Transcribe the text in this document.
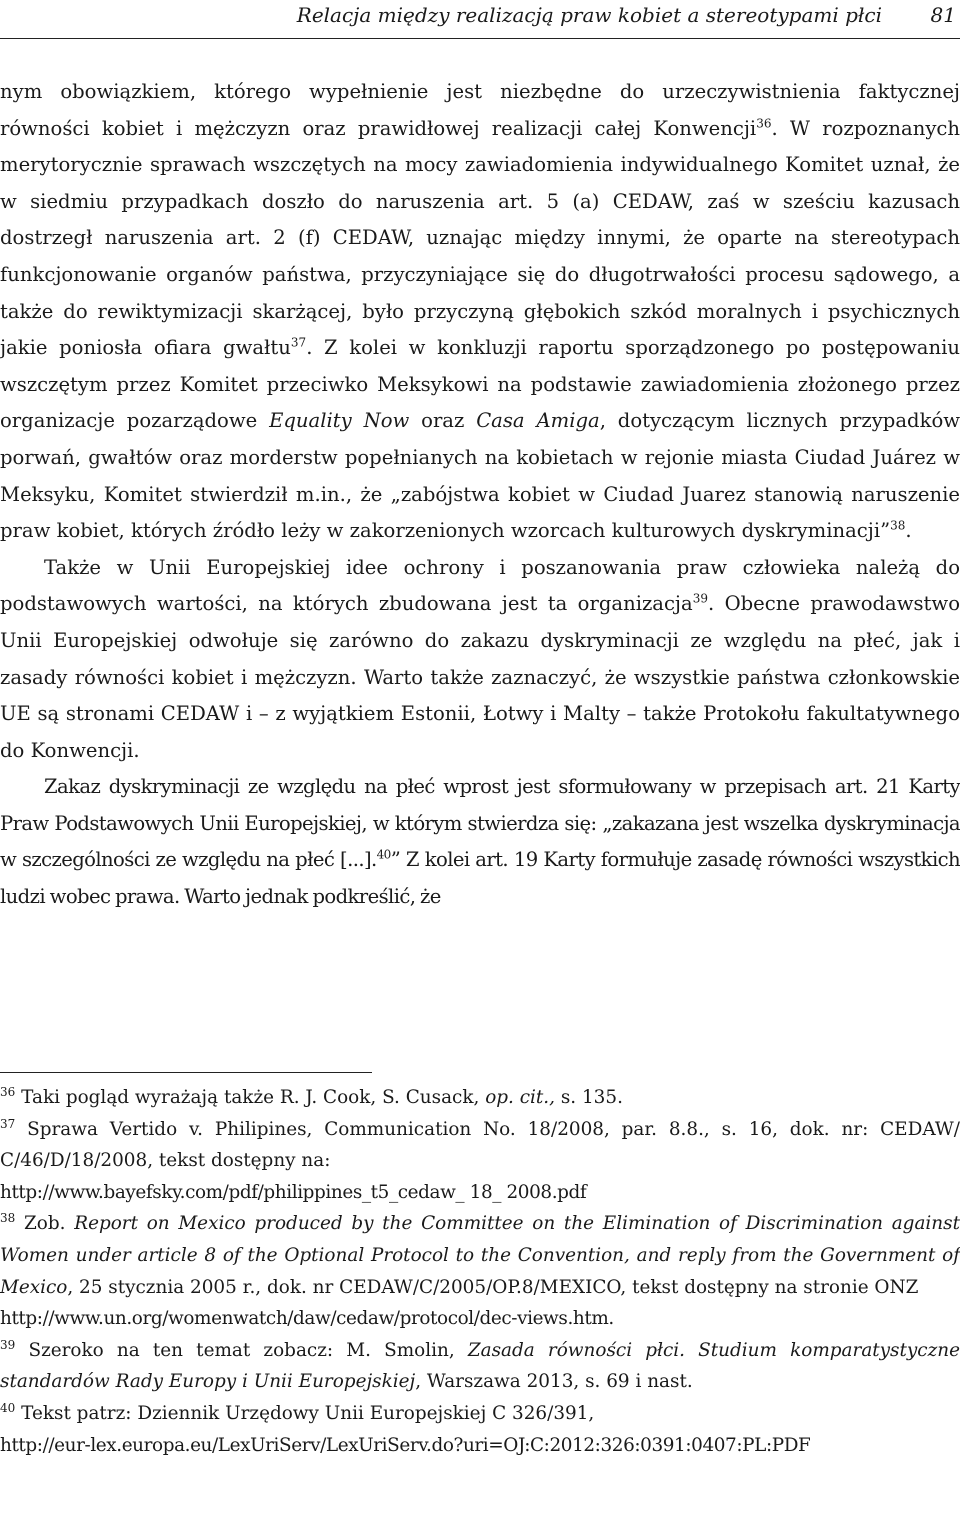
Relacja między realizacją praw kobiet a stereotypami płci 81

nym obowiązkiem, którego wypełnienie jest niezbędne do urzeczywistnienia faktycznej równości kobiet i mężczyzn oraz prawidłowej realizacji całej Konwencji$^{36}$. W rozpoznanych merytorycznie sprawach wszczętych na mocy zawiadomienia indywidualnego Komitet uznał, że w siedmiu przypadkach doszło do naruszenia art. 5 (a) CEDAW, zaś w sześciu kazusach dostrzegł naruszenia art. 2 (f) CEDAW, uznając między innymi, że oparte na stereotypach funkcjonowanie organów państwa, przyczyniające się do długotrwałości procesu sądowego, a także do rewiktymizacji skarżącej, było przyczyną głębokich szkód moralnych i psychicznych jakie poniosła ofiara gwałtu$^{37}$. Z kolei w konkluzji raportu sporządzonego po postępowaniu wszczętym przez Komitet przeciwko Meksykowi na podstawie zawiadomienia złożonego przez organizacje pozarządowe Equality Now oraz Casa Amiga, dotyczącym licznych przypadków porwań, gwałtów oraz morderstw popełnianych na kobietach w rejonie miasta Ciudad Juárez w Meksyku, Komitet stwierdził m.in., że „zabójstwa kobiet w Ciudad Juarez stanowią naruszenie praw kobiet, których źródło leży w zakorzenionych wzorcach kulturowych dyskryminacji”$^{38}$.

Także w Unii Europejskiej idee ochrony i poszanowania praw człowieka należą do podstawowych wartości, na których zbudowana jest ta organizacja$^{39}$. Obecne prawodawstwo Unii Europejskiej odwołuje się zarówno do zakazu dyskryminacji ze względu na płeć, jak i zasady równości kobiet i mężczyzn. Warto także zaznaczyć, że wszystkie państwa członkowskie UE są stronami CEDAW i – z wyjątkiem Estonii, Łotwy i Malty – także Protokołu fakultatywnego do Konwencji.

Zakaz dyskryminacji ze względu na płeć wprost jest sformułowany w przepisach art. 21 Karty Praw Podstawowych Unii Europejskiej, w którym stwierdza się: „zakazana jest wszelka dyskryminacja w szczególności ze względu na płeć [...].$^{40}$” Z kolei art. 19 Karty formułuje zasadę równości wszystkich ludzi wobec prawa. Warto jednak podkreślić, że

$^{36}$ Taki pogląd wyrażają także R. J. Cook, S. Cusack, op. cit., s. 135.

$^{37}$ Sprawa Vertido v. Philipines, Communication No. 18/2008, par. 8.8., s. 16, dok. nr: CEDAW/ C/46/D/18/2008, tekst dostępny na:
http://www.bayefsky.com/pdf/philippines_t5_cedaw_ 18_ 2008.pdf

$^{38}$ Zob. Report on Mexico produced by the Committee on the Elimination of Discrimination against Women under article 8 of the Optional Protocol to the Convention, and reply from the Government of Mexico, 25 stycznia 2005 r., dok. nr CEDAW/C/2005/OP.8/MEXICO, tekst dostępny na stronie ONZ
http://www.un.org/womenwatch/daw/cedaw/protocol/dec-views.htm.

$^{39}$ Szeroko na ten temat zobacz: M. Smolin, Zasada równości płci. Studium komparatystyczne standardów Rady Europy i Unii Europejskiej, Warszawa 2013, s. 69 i nast.

$^{40}$ Tekst patrz: Dziennik Urzędowy Unii Europejskiej C 326/391,
http://eur-lex.europa.eu/LexUriServ/LexUriServ.do?uri=OJ:C:2012:326:0391:0407:PL:PDF
